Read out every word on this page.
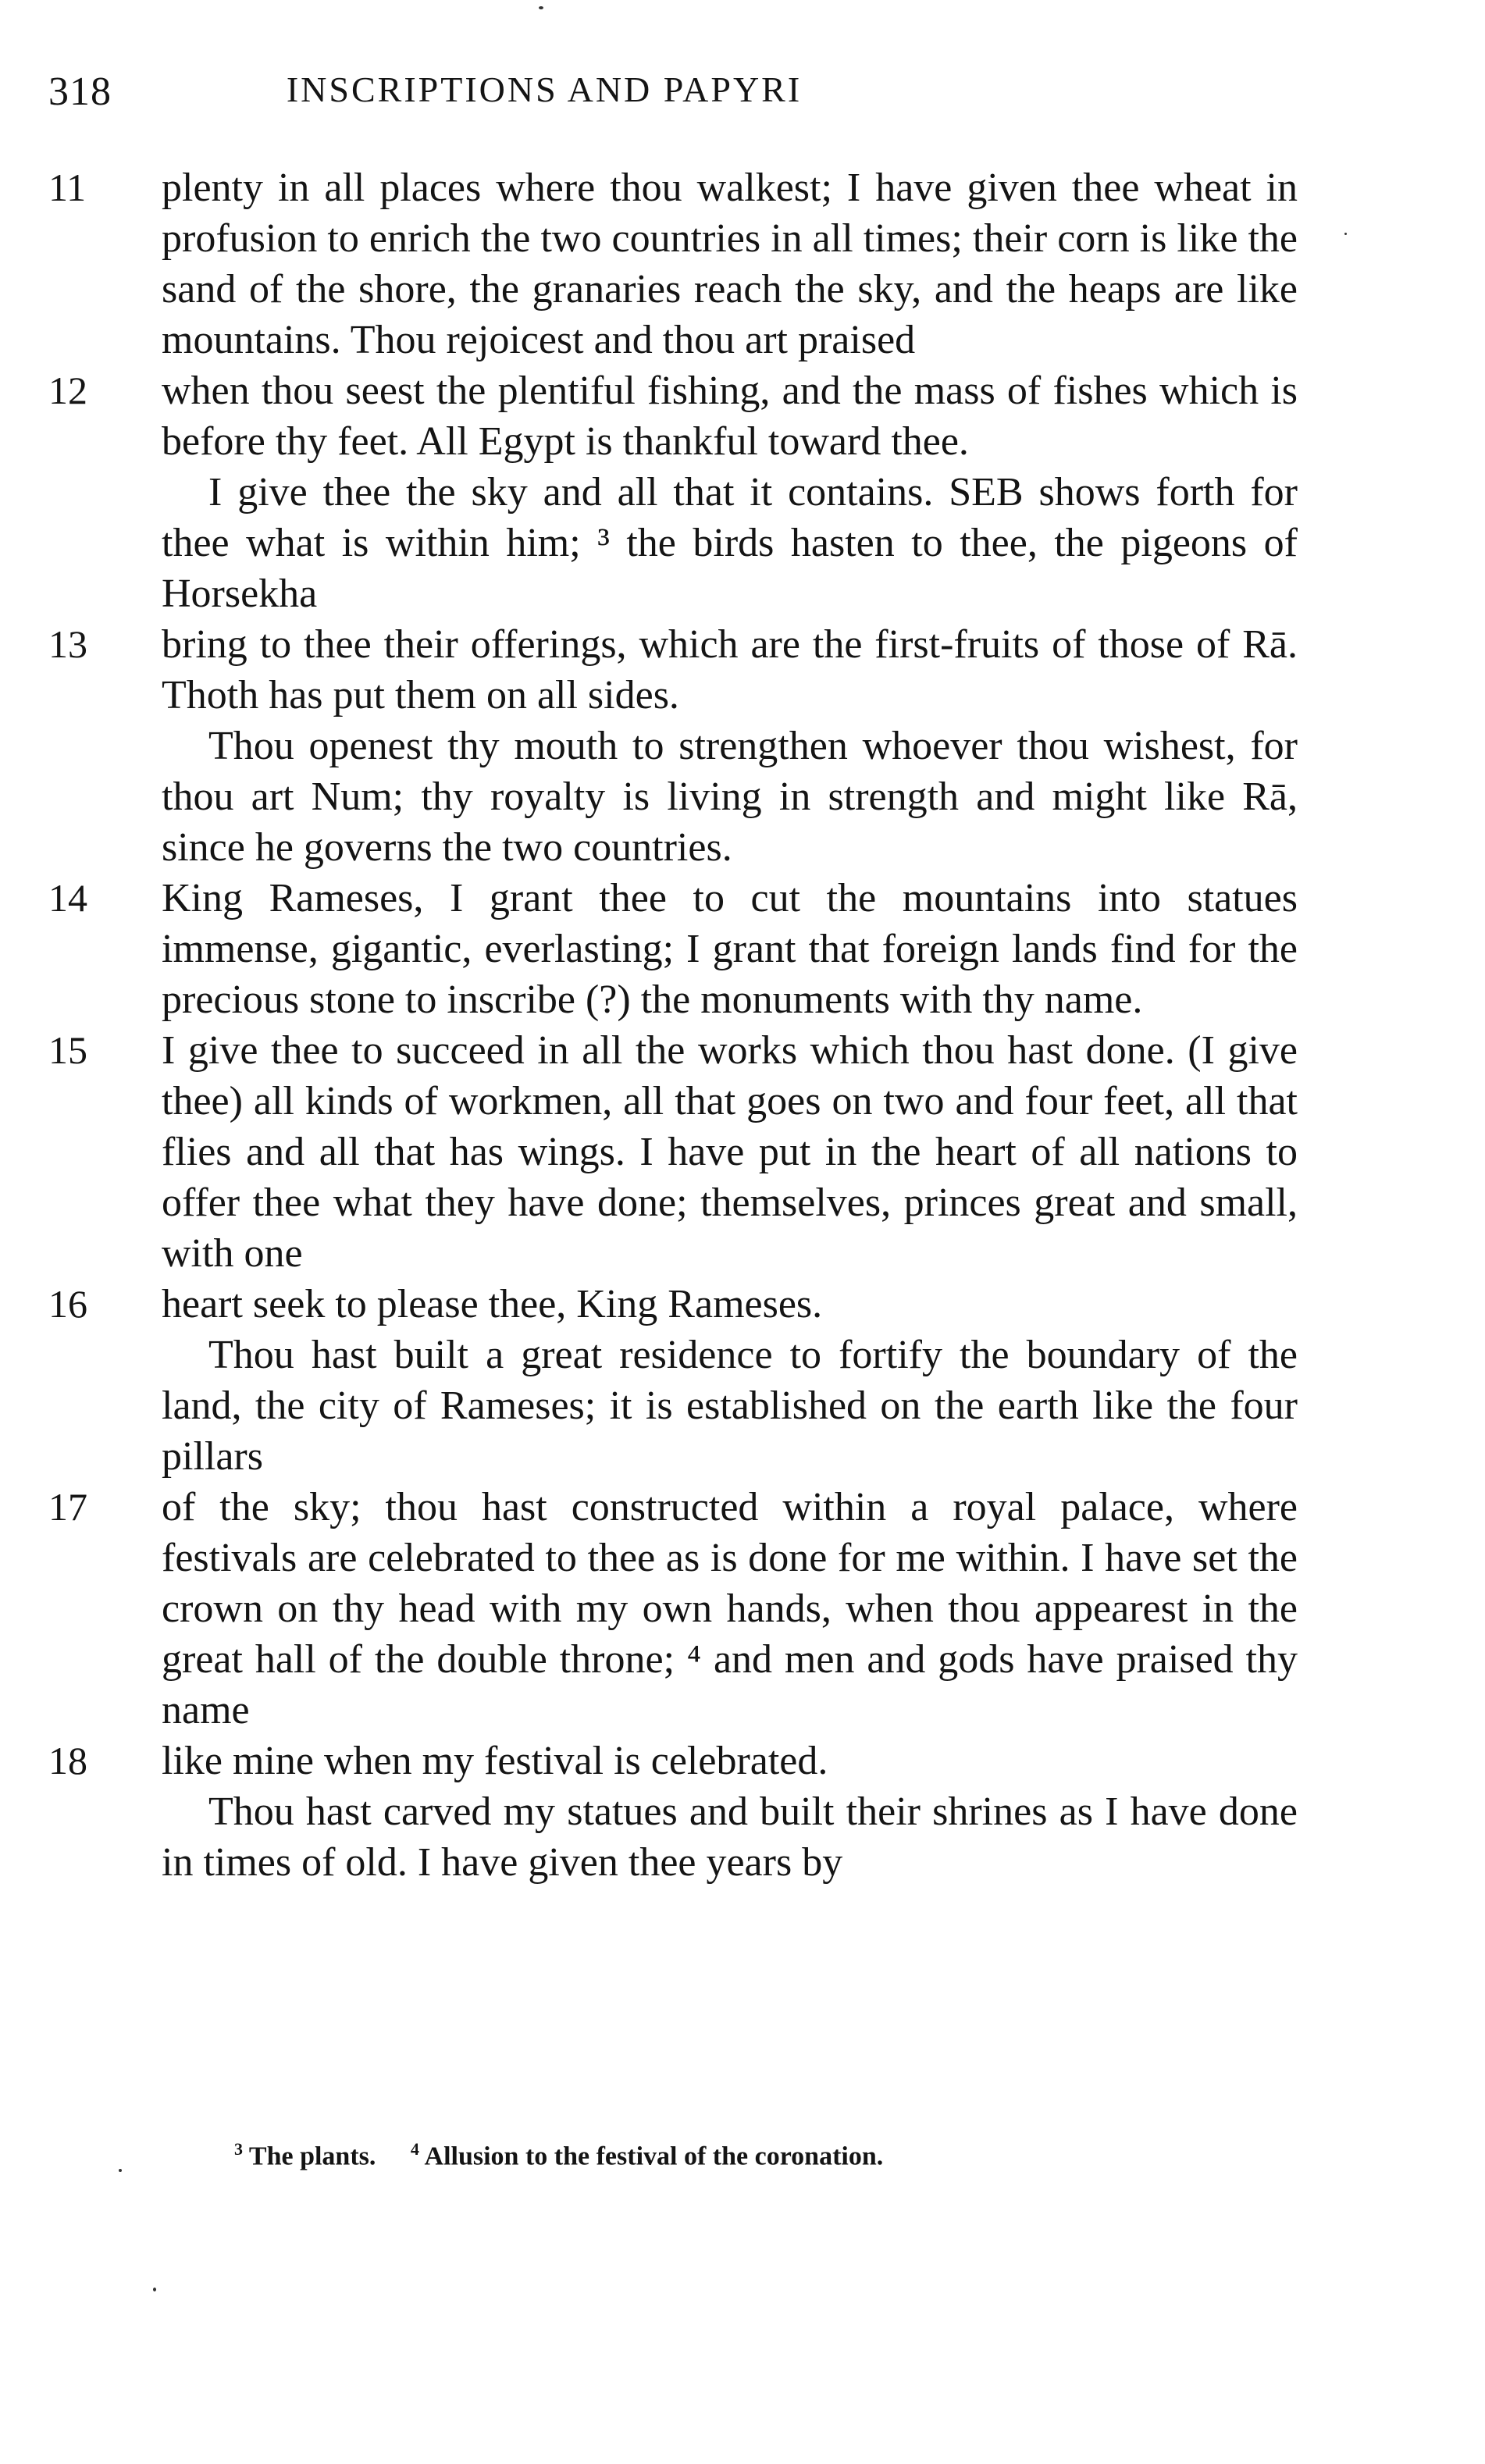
318	INSCRIPTIONS AND PAPYRI

11 plenty in all places where thou walkest; I have given thee wheat in profusion to enrich the two countries in all times; their corn is like the sand of the shore, the granaries reach the sky, and the heaps are like mountains. Thou rejoicest and thou art praised

12 when thou seest the plentiful fishing, and the mass of fishes which is before thy feet. All Egypt is thankful toward thee.

I give thee the sky and all that it contains. SEB shows forth for thee what is within him; ³ the birds hasten to thee, the pigeons of Horsekha

13 bring to thee their offerings, which are the first-fruits of those of Rā. Thoth has put them on all sides.

Thou openest thy mouth to strengthen whoever thou wishest, for thou art Num; thy royalty is living in strength and might like Rā, since he governs the two countries.

14 King Rameses, I grant thee to cut the mountains into statues immense, gigantic, everlasting; I grant that foreign lands find for the precious stone to inscribe (?) the monuments with thy name.

15 I give thee to succeed in all the works which thou hast done. (I give thee) all kinds of workmen, all that goes on two and four feet, all that flies and all that has wings. I have put in the heart of all nations to offer thee what they have done; themselves, princes great and small, with one

16 heart seek to please thee, King Rameses.

Thou hast built a great residence to fortify the boundary of the land, the city of Rameses; it is established on the earth like the four pillars

17 of the sky; thou hast constructed within a royal palace, where festivals are celebrated to thee as is done for me within. I have set the crown on thy head with my own hands, when thou appearest in the great hall of the double throne; ⁴ and men and gods have praised thy name

18 like mine when my festival is celebrated.

Thou hast carved my statues and built their shrines as I have done in times of old. I have given thee years by

$^3$ The plants. $^4$ Allusion to the festival of the coronation.
